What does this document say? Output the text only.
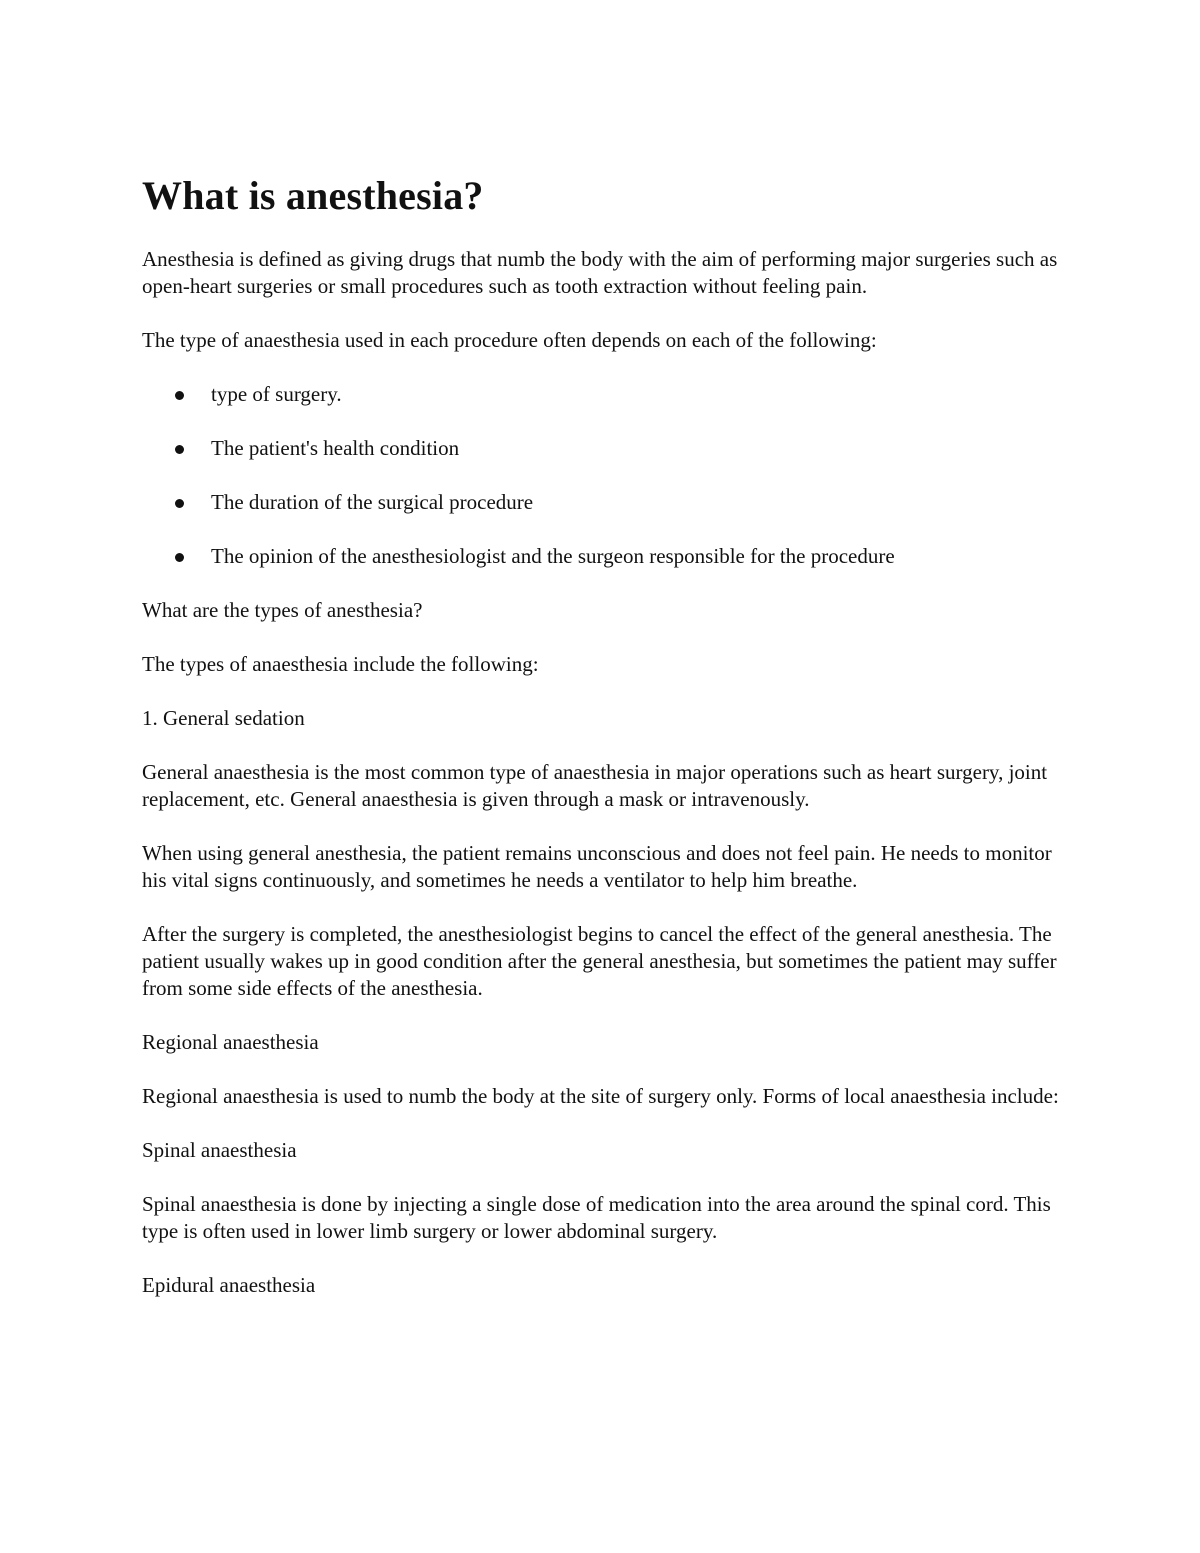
What is anesthesia?

Anesthesia is defined as giving drugs that numb the body with the aim of performing major surgeries such as open-heart surgeries or small procedures such as tooth extraction without feeling pain.

The type of anaesthesia used in each procedure often depends on each of the following:

type of surgery.
The patient's health condition
The duration of the surgical procedure
The opinion of the anesthesiologist and the surgeon responsible for the procedure

What are the types of anesthesia?

The types of anaesthesia include the following:

1. General sedation

General anaesthesia is the most common type of anaesthesia in major operations such as heart surgery, joint replacement, etc. General anaesthesia is given through a mask or intravenously.

When using general anesthesia, the patient remains unconscious and does not feel pain. He needs to monitor his vital signs continuously, and sometimes he needs a ventilator to help him breathe.

After the surgery is completed, the anesthesiologist begins to cancel the effect of the general anesthesia. The patient usually wakes up in good condition after the general anesthesia, but sometimes the patient may suffer from some side effects of the anesthesia.

Regional anaesthesia

Regional anaesthesia is used to numb the body at the site of surgery only. Forms of local anaesthesia include:

Spinal anaesthesia

Spinal anaesthesia is done by injecting a single dose of medication into the area around the spinal cord. This type is often used in lower limb surgery or lower abdominal surgery.

Epidural anaesthesia
